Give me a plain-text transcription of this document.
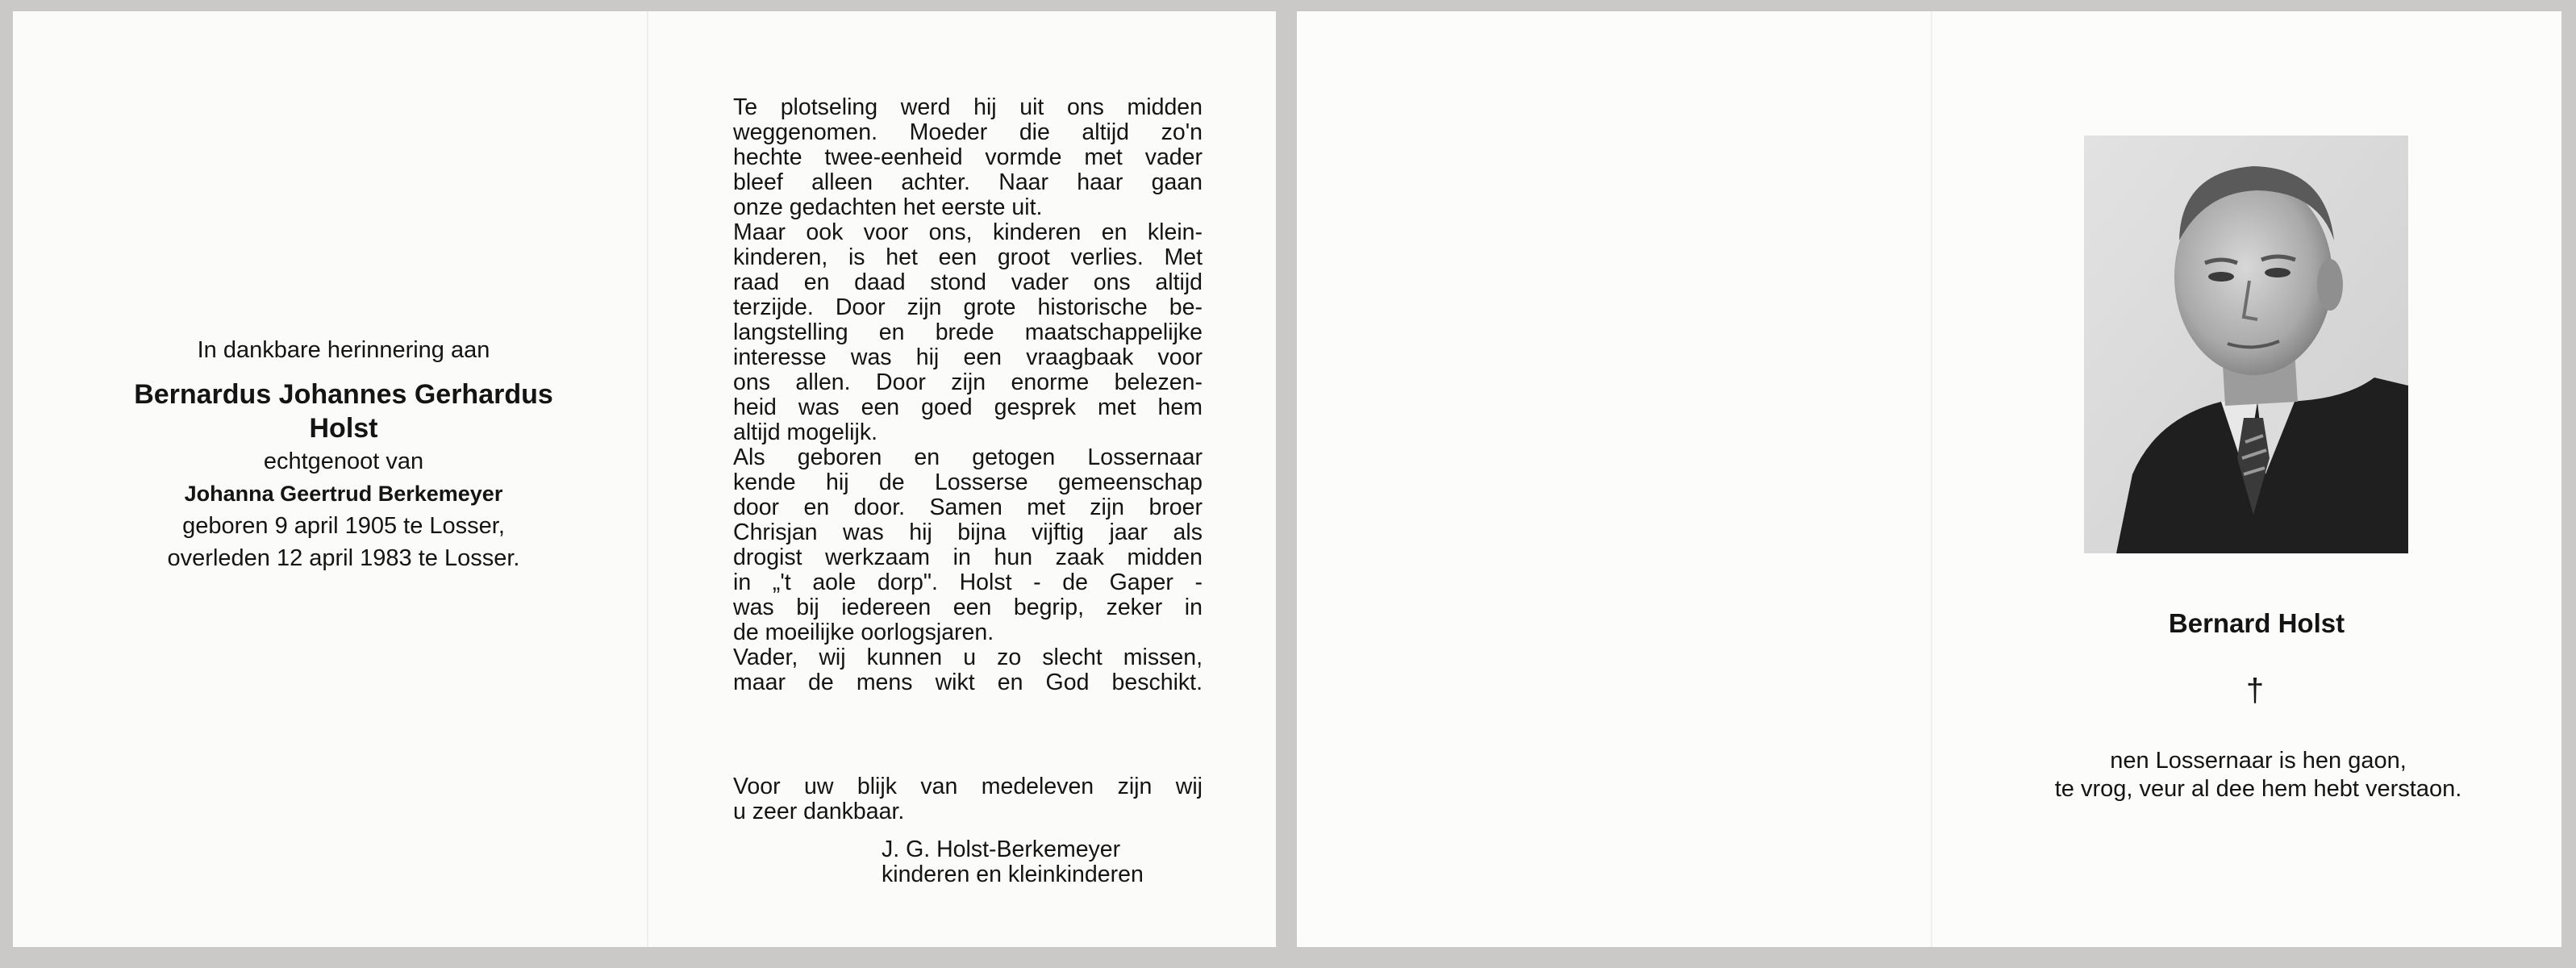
In dankbare herinnering aan
Bernardus Johannes Gerhardus
Holst
echtgenoot van
Johanna Geertrud Berkemeyer
geboren 9 april 1905 te Losser,
overleden 12 april 1983 te Losser.
Te plotseling werd hij uit ons midden
weggenomen. Moeder die altijd zo'n
hechte twee-eenheid vormde met vader
bleef alleen achter. Naar haar gaan
onze gedachten het eerste uit.
Maar ook voor ons, kinderen en klein-
kinderen, is het een groot verlies. Met
raad en daad stond vader ons altijd
terzijde. Door zijn grote historische be-
langstelling en brede maatschappelijke
interesse was hij een vraagbaak voor
ons allen. Door zijn enorme belezen-
heid was een goed gesprek met hem
altijd mogelijk.
Als geboren en getogen Lossernaar
kende hij de Losserse gemeenschap
door en door. Samen met zijn broer
Chrisjan was hij bijna vijftig jaar als
drogist werkzaam in hun zaak midden
in „'t aole dorp". Holst - de Gaper -
was bij iedereen een begrip, zeker in
de moeilijke oorlogsjaren.
Vader, wij kunnen u zo slecht missen,
maar de mens wikt en God beschikt.
Voor uw blijk van medeleven zijn wij
u zeer dankbaar.
J. G. Holst-Berkemeyer
kinderen en kleinkinderen
Bernard Holst
†
nen Lossernaar is hen gaon,
te vrog, veur al dee hem hebt verstaon.
